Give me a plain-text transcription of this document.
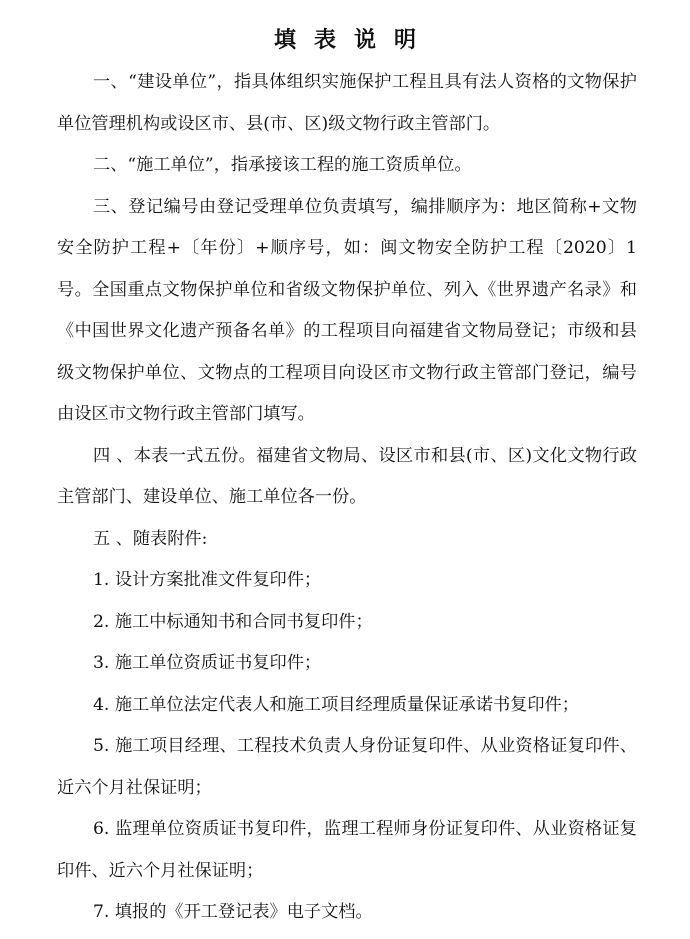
填表说明

一、“建设单位”，指具体组织实施保护工程且具有法人资格的文物保护单位管理机构或设区市、县(市、区)级文物行政主管部门。

二、“施工单位”，指承接该工程的施工资质单位。

三、登记编号由登记受理单位负责填写，编排顺序为：地区简称+文物安全防护工程+〔年份〕+顺序号，如：闽文物安全防护工程〔2020〕1号。全国重点文物保护单位和省级文物保护单位、列入《世界遗产名录》和《中国世界文化遗产预备名单》的工程项目向福建省文物局登记；市级和县级文物保护单位、文物点的工程项目向设区市文物行政主管部门登记，编号由设区市文物行政主管部门填写。

四 、本表一式五份。福建省文物局、设区市和县(市、区)文化文物行政主管部门、建设单位、施工单位各一份。

五 、随表附件:

1. 设计方案批准文件复印件；

2. 施工中标通知书和合同书复印件；

3. 施工单位资质证书复印件；

4. 施工单位法定代表人和施工项目经理质量保证承诺书复印件；

5. 施工项目经理、工程技术负责人身份证复印件、从业资格证复印件、近六个月社保证明；

6. 监理单位资质证书复印件，监理工程师身份证复印件、从业资格证复印件、近六个月社保证明；

7. 填报的《开工登记表》电子文档。
